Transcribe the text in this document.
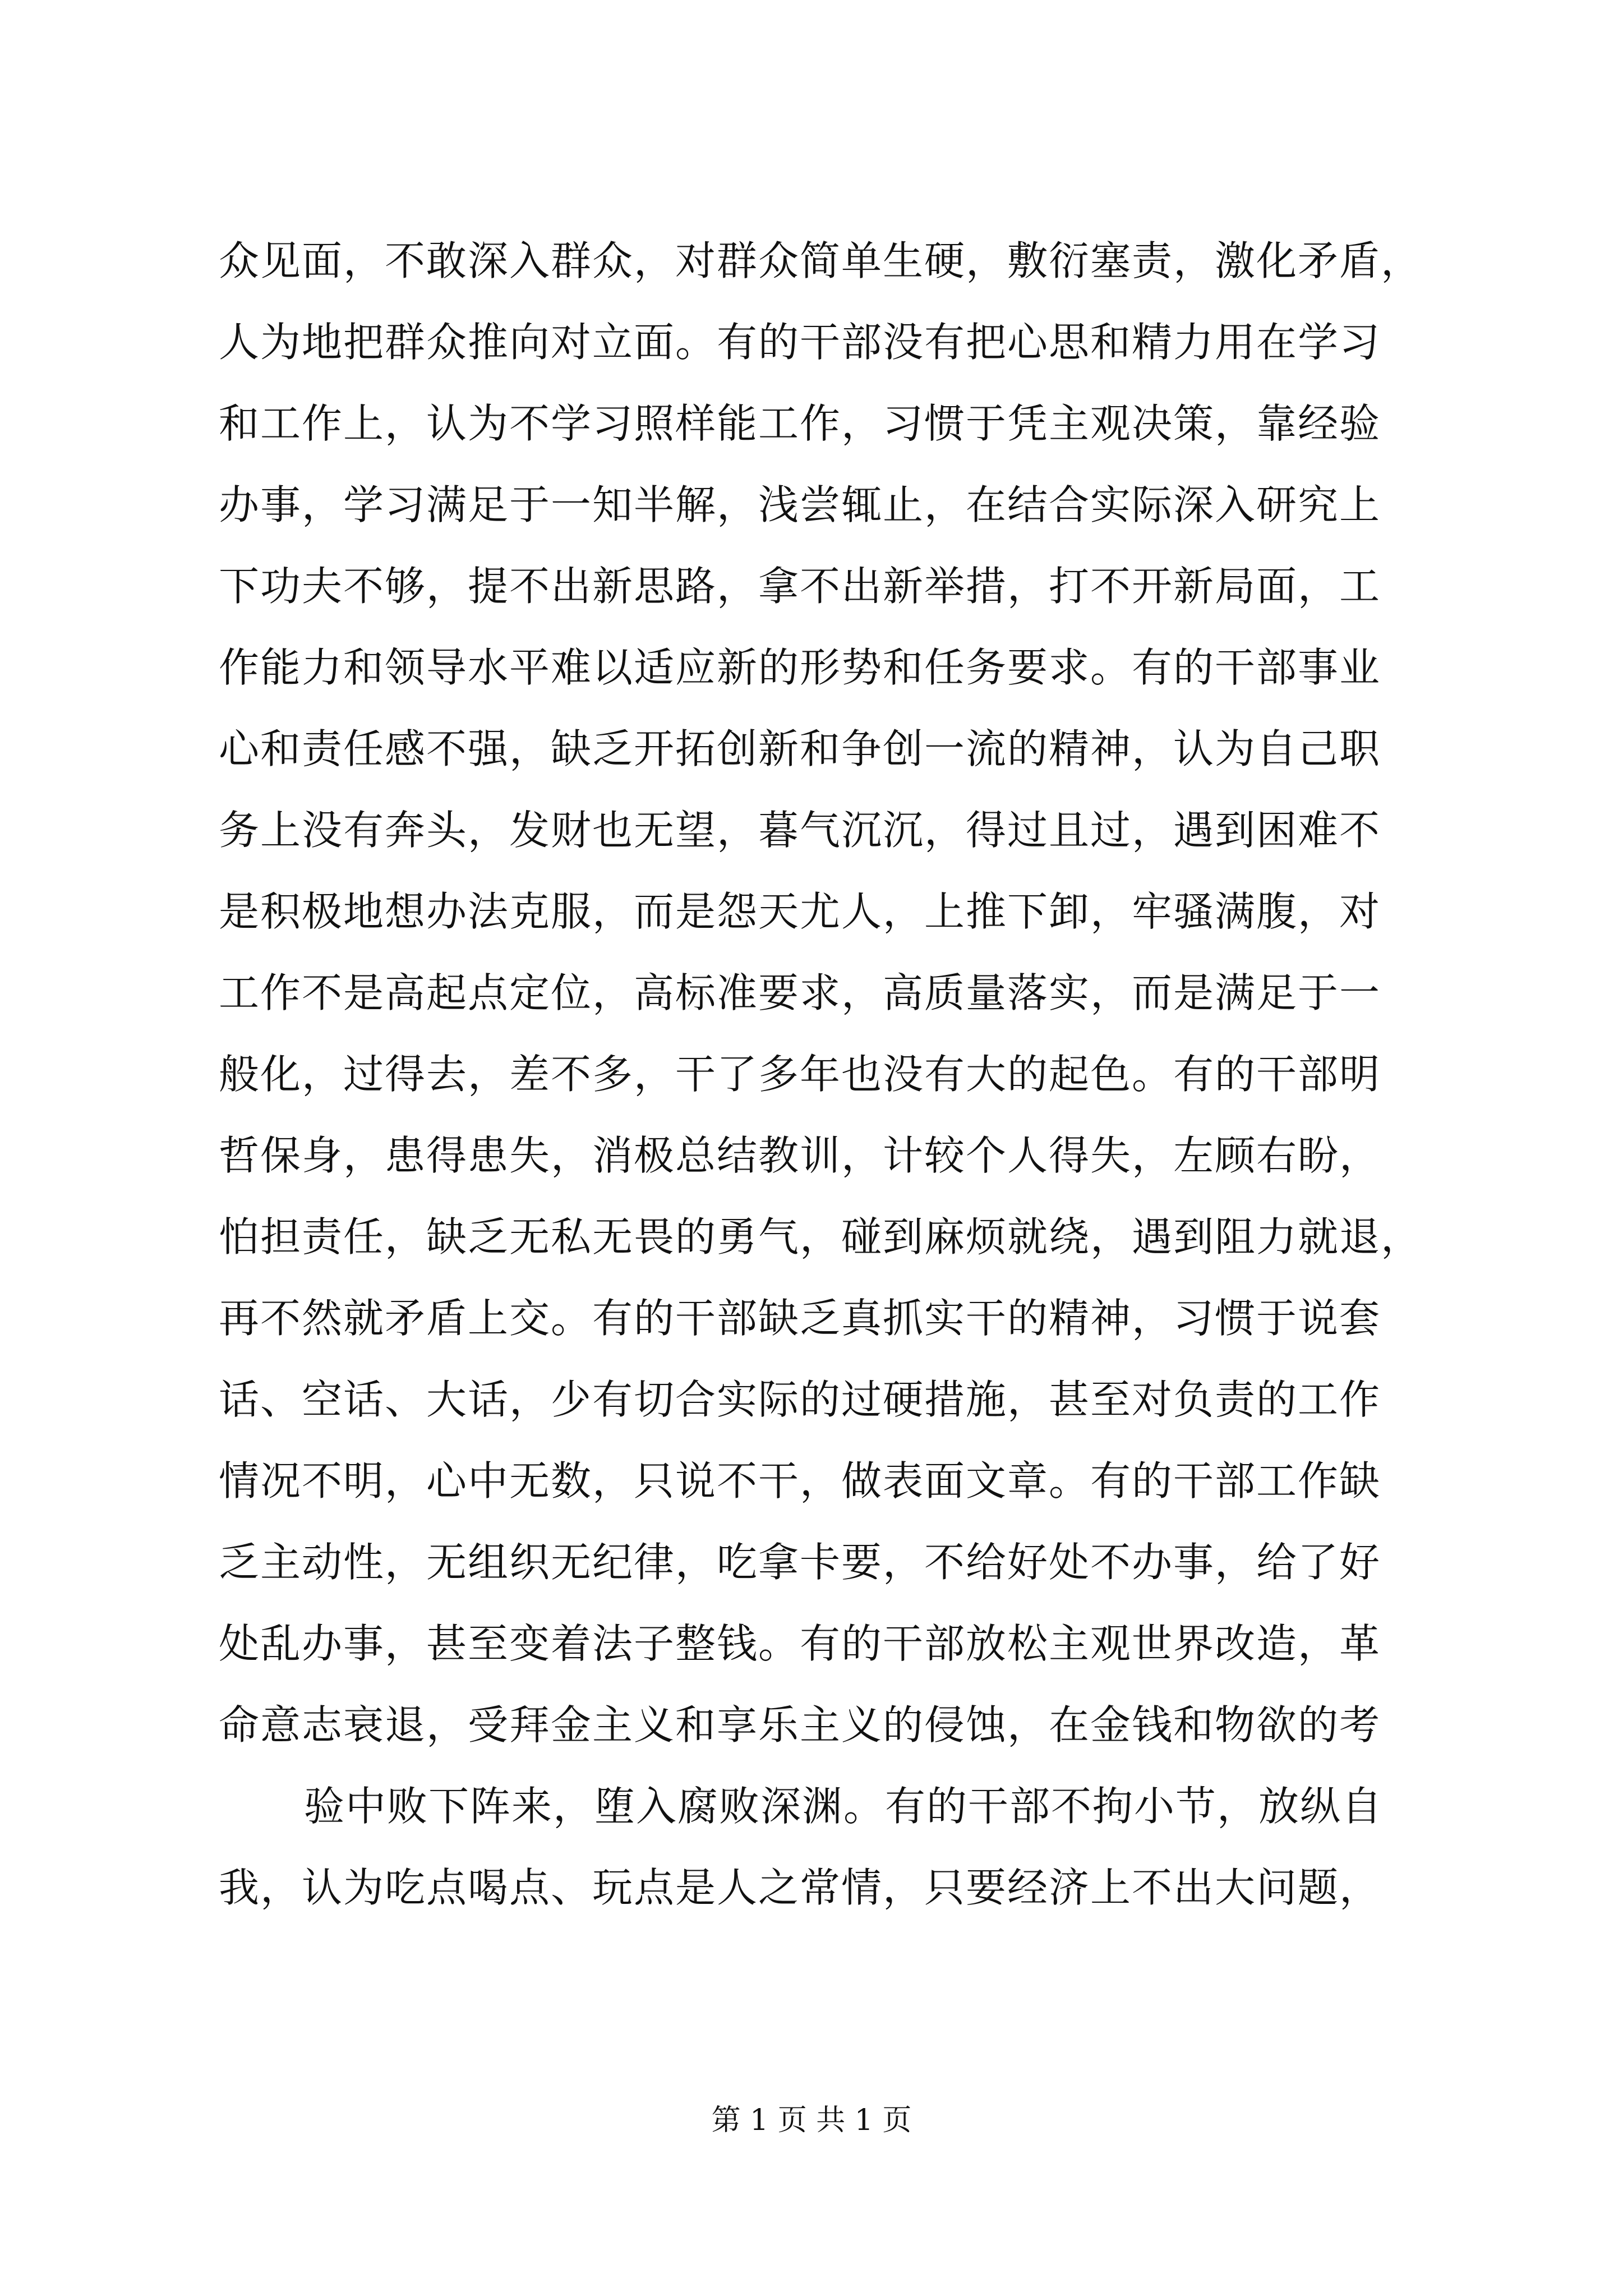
众见面，不敢深入群众，对群众简单生硬，敷衍塞责，激化矛盾，
人为地把群众推向对立面。有的干部没有把心思和精力用在学习
和工作上，认为不学习照样能工作，习惯于凭主观决策，靠经验
办事，学习满足于一知半解，浅尝辄止，在结合实际深入研究上
下功夫不够，提不出新思路，拿不出新举措，打不开新局面，工
作能力和领导水平难以适应新的形势和任务要求。有的干部事业
心和责任感不强，缺乏开拓创新和争创一流的精神，认为自己职
务上没有奔头，发财也无望，暮气沉沉，得过且过，遇到困难不
是积极地想办法克服，而是怨天尤人，上推下卸，牢骚满腹，对
工作不是高起点定位，高标准要求，高质量落实，而是满足于一
般化，过得去，差不多，干了多年也没有大的起色。有的干部明
哲保身，患得患失，消极总结教训，计较个人得失，左顾右盼，
怕担责任，缺乏无私无畏的勇气，碰到麻烦就绕，遇到阻力就退，
再不然就矛盾上交。有的干部缺乏真抓实干的精神，习惯于说套
话、空话、大话，少有切合实际的过硬措施，甚至对负责的工作
情况不明，心中无数，只说不干，做表面文章。有的干部工作缺
乏主动性，无组织无纪律，吃拿卡要，不给好处不办事，给了好
处乱办事，甚至变着法子整钱。有的干部放松主观世界改造，革
命意志衰退，受拜金主义和享乐主义的侵蚀，在金钱和物欲的考
验中败下阵来，堕入腐败深渊。有的干部不拘小节，放纵自
我，认为吃点喝点、玩点是人之常情，只要经济上不出大问题，
第 1 页 共 1 页
